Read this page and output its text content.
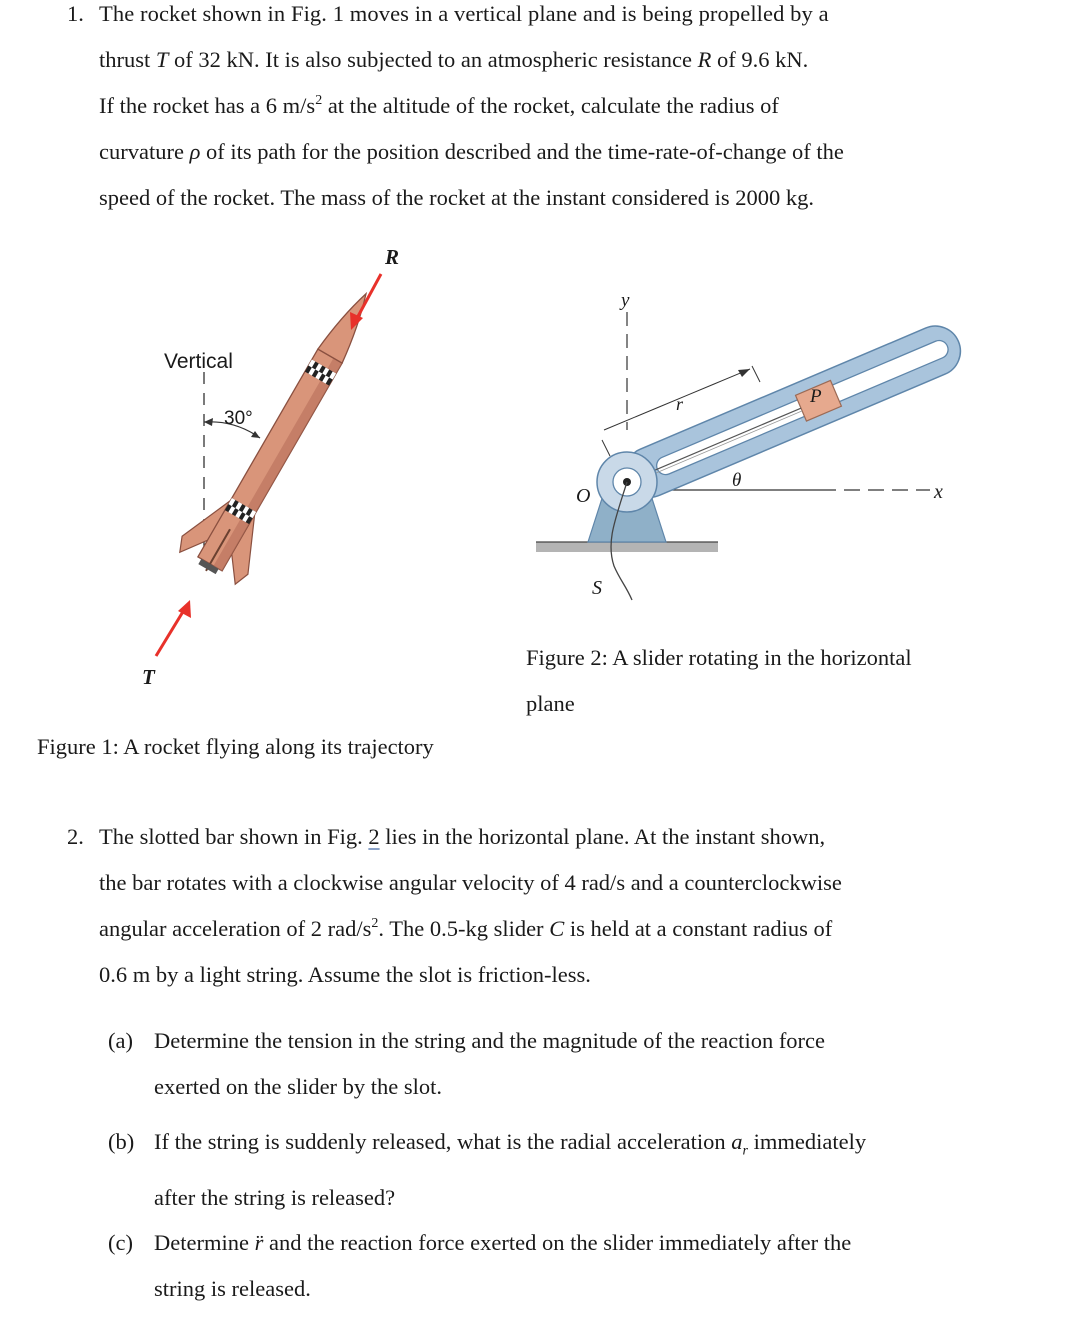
1. The rocket shown in Fig. 1 moves in a vertical plane and is being propelled by a
thrust T of 32 kN. It is also subjected to an atmospheric resistance R of 9.6 kN.
If the rocket has a 6 $m/s^2$ at the altitude of the rocket, calculate the radius of
curvature ρ of its path for the position described and the time-rate-of-change of the
speed of the rocket. The mass of the rocket at the instant considered is 2000 kg.
R
T
Vertical
30°
Figure 1: A rocket flying along its trajectory
y
x
r	P
θ
O
S
Figure 2: A slider rotating in the horizontal
plane
2. The slotted bar shown in Fig. 2 lies in the horizontal plane. At the instant shown,
the bar rotates with a clockwise angular velocity of 4 rad/s and a counterclockwise
angular acceleration of 2 rad/$s^2$. The 0.5-kg slider C is held at a constant radius of
0.6 m by a light string. Assume the slot is friction-less.
(a) Determine the tension in the string and the magnitude of the reaction force
exerted on the slider by the slot.
(b) If the string is suddenly released, what is the radial acceleration $a_r$ immediately
after the string is released?
(c) Determine r̈ and the reaction force exerted on the slider immediately after the
string is released.
